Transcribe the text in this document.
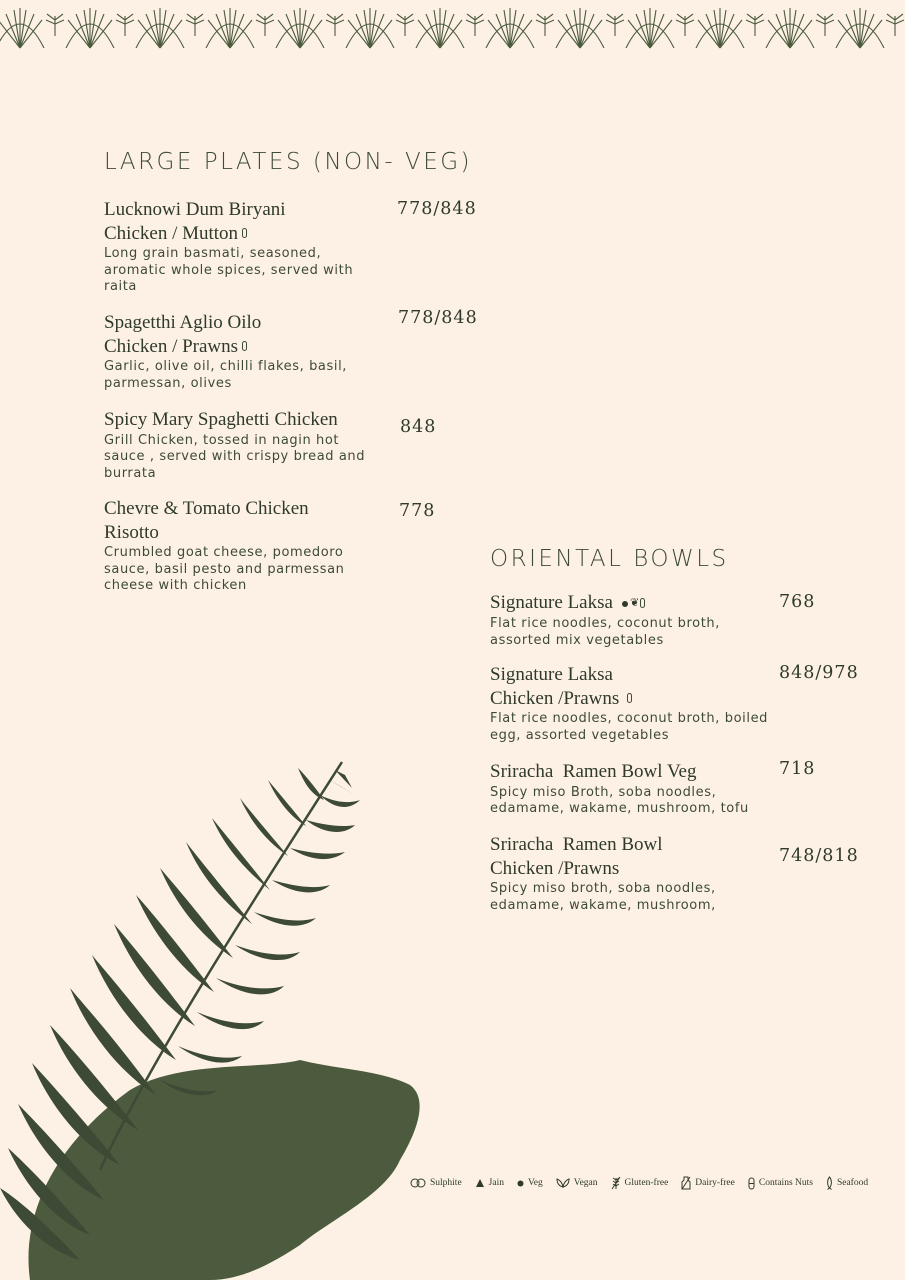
LARGE PLATES (NON- VEG)
Lucknowi Dum Biryani
Chicken / Mutton
Long grain basmati, seasoned, aromatic whole spices, served with raita
778/848
Spagetthi Aglio Oilo
Chicken / Prawns
Garlic, olive oil, chilli flakes, basil, parmessan, olives
778/848
Spicy Mary Spaghetti Chicken
Grill Chicken, tossed in nagin hot sauce , served with crispy bread and burrata
848
Chevre & Tomato Chicken
Risotto
Crumbled goat cheese, pomedoro sauce, basil pesto and parmessan cheese with chicken
778
ORIENTAL BOWLS
Signature Laksa ❦
Flat rice noodles, coconut broth, assorted mix vegetables
768
Signature Laksa
Chicken /Prawns
Flat rice noodles, coconut broth, boiled egg, assorted vegetables
848/978
Sriracha  Ramen Bowl Veg
Spicy miso Broth, soba noodles, edamame, wakame, mushroom, tofu
718
Sriracha  Ramen Bowl
Chicken /Prawns
Spicy miso broth, soba noodles, edamame, wakame, mushroom,
748/818
Sulphite	Jain	Veg	Vegan	Gluten-free	Dairy-free	Contains Nuts	Seafood
